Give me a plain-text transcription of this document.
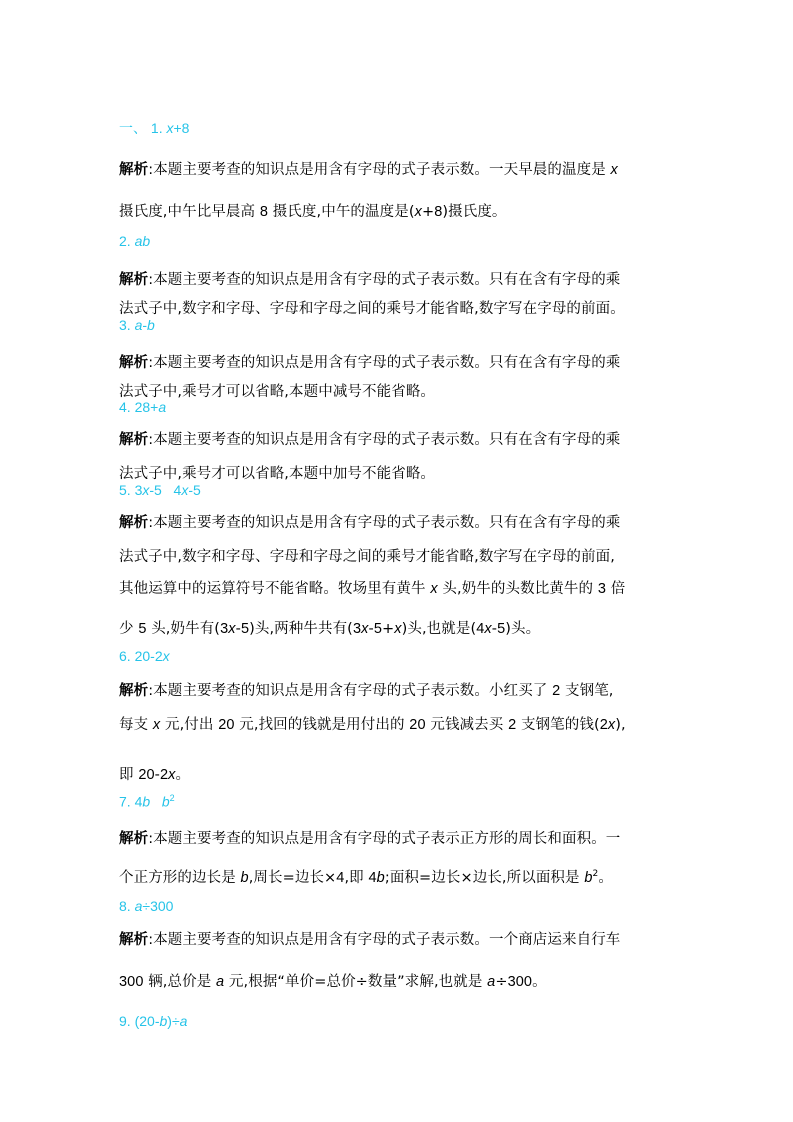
一、 1. x+8
解析:本题主要考查的知识点是用含有字母的式子表示数。一天早晨的温度是 x
摄氏度,中午比早晨高 8 摄氏度,中午的温度是(x+8)摄氏度。
2. ab
解析:本题主要考查的知识点是用含有字母的式子表示数。只有在含有字母的乘
法式子中,数字和字母、字母和字母之间的乘号才能省略,数字写在字母的前面。
3. a-b
解析:本题主要考查的知识点是用含有字母的式子表示数。只有在含有字母的乘
法式子中,乘号才可以省略,本题中减号不能省略。
4. 28+a
解析:本题主要考查的知识点是用含有字母的式子表示数。只有在含有字母的乘
法式子中,乘号才可以省略,本题中加号不能省略。
5. 3x-5 4x-5
解析:本题主要考查的知识点是用含有字母的式子表示数。只有在含有字母的乘
法式子中,数字和字母、字母和字母之间的乘号才能省略,数字写在字母的前面,
其他运算中的运算符号不能省略。牧场里有黄牛 x 头,奶牛的头数比黄牛的 3 倍
少 5 头,奶牛有(3x-5)头,两种牛共有(3x-5+x)头,也就是(4x-5)头。
6. 20-2x
解析:本题主要考查的知识点是用含有字母的式子表示数。小红买了 2 支钢笔,
每支 x 元,付出 20 元,找回的钱就是用付出的 20 元钱减去买 2 支钢笔的钱(2x),
即 20-2x。
7. 4b $b^2$
解析:本题主要考查的知识点是用含有字母的式子表示正方形的周长和面积。一
个正方形的边长是 b,周长=边长×4,即 4b;面积=边长×边长,所以面积是 $b^2$。
8. a÷300
解析:本题主要考查的知识点是用含有字母的式子表示数。一个商店运来自行车
300 辆,总价是 a 元,根据“单价=总价÷数量”求解,也就是 a÷300。
9. (20-b)÷a
